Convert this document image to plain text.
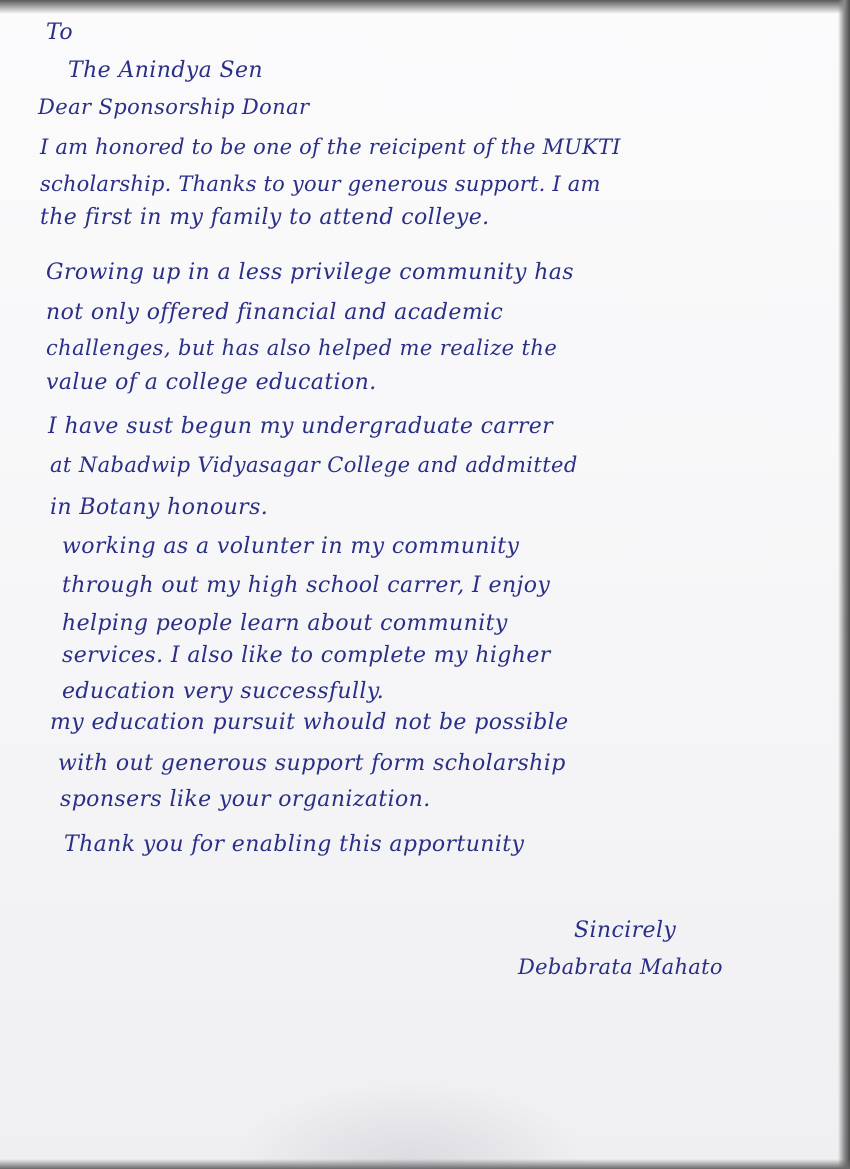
To

The Anindya Sen

Dear Sponsorship Donar

I am honored to be one of the reicipent of the MUKTI

scholarship. Thanks to your generous support. I am

the first in my family to attend colleye.

Growing up in a less privilege community has

not only offered financial and academic

challenges, but has also helped me realize the

value of a college education.

I have sust begun my undergraduate carrer

at Nabadwip Vidyasagar College and addmitted

in Botany honours.

working as a volunter in my community

through out my high school carrer, I enjoy

helping people learn about community

services. I also like to complete my higher

education very successfully.

my education pursuit whould not be possible

with out generous support form scholarship

sponsers like your organization.

Thank you for enabling this apportunity

Sincirely

Debabrata Mahato
